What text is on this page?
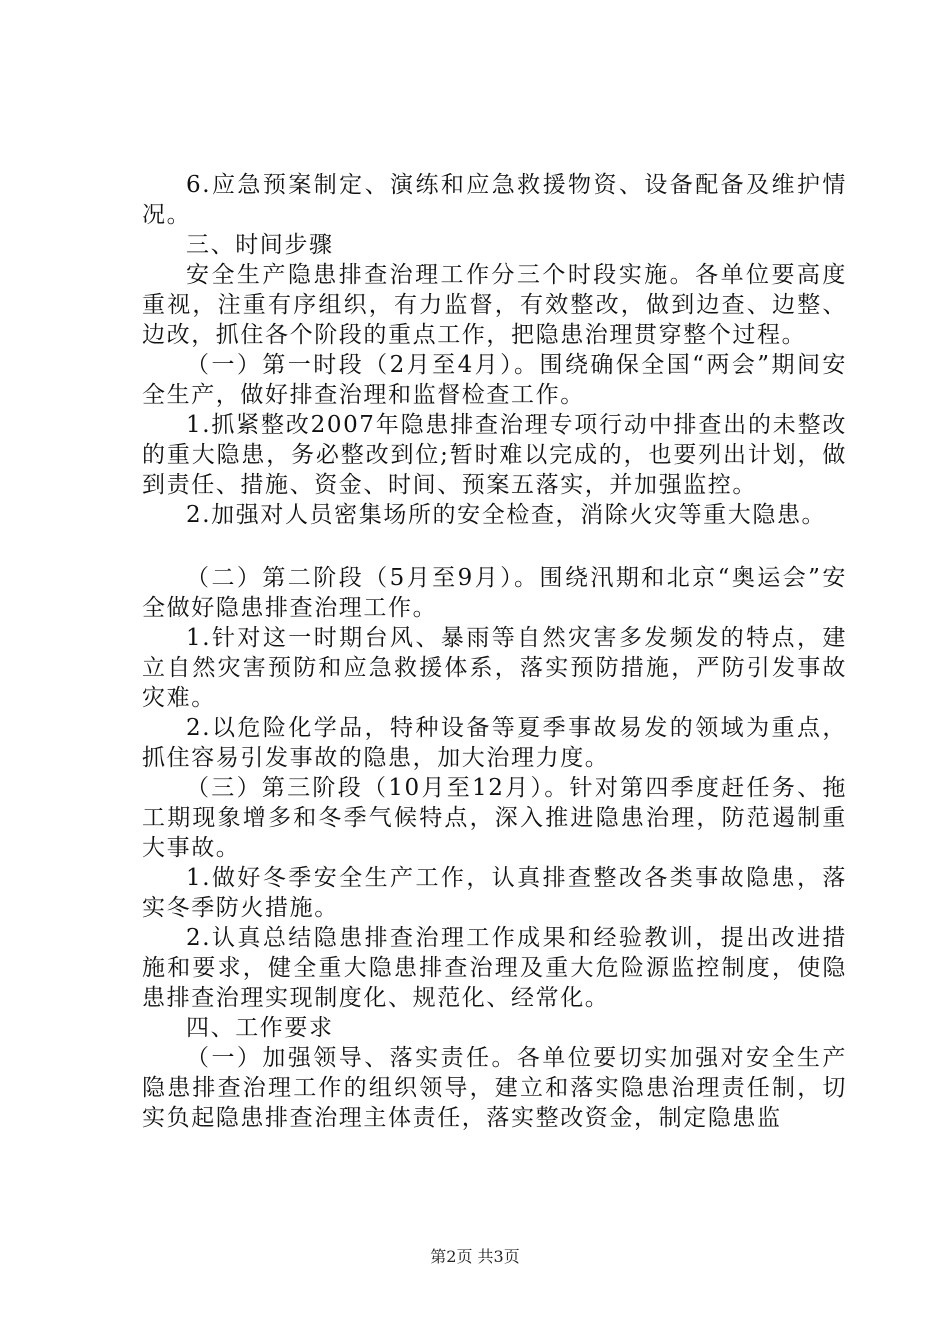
6.应急预案制定、演练和应急救援物资、设备配备及维护情况。

三、时间步骤

安全生产隐患排查治理工作分三个时段实施。各单位要高度重视，注重有序组织，有力监督，有效整改，做到边查、边整、边改，抓住各个阶段的重点工作，把隐患治理贯穿整个过程。

（一）第一时段（2月至4月）。围绕确保全国“两会”期间安全生产，做好排查治理和监督检查工作。

1.抓紧整改2007年隐患排查治理专项行动中排查出的未整改的重大隐患，务必整改到位;暂时难以完成的，也要列出计划，做到责任、措施、资金、时间、预案五落实，并加强监控。

2.加强对人员密集场所的安全检查，消除火灾等重大隐患。

（二）第二阶段（5月至9月）。围绕汛期和北京“奥运会”安全做好隐患排查治理工作。

1.针对这一时期台风、暴雨等自然灾害多发频发的特点，建立自然灾害预防和应急救援体系，落实预防措施，严防引发事故灾难。

2.以危险化学品，特种设备等夏季事故易发的领域为重点，抓住容易引发事故的隐患，加大治理力度。

（三）第三阶段（10月至12月）。针对第四季度赶任务、拖工期现象增多和冬季气候特点，深入推进隐患治理，防范遏制重大事故。

1.做好冬季安全生产工作，认真排查整改各类事故隐患，落实冬季防火措施。

2.认真总结隐患排查治理工作成果和经验教训，提出改进措施和要求，健全重大隐患排查治理及重大危险源监控制度，使隐患排查治理实现制度化、规范化、经常化。

四、工作要求

（一）加强领导、落实责任。各单位要切实加强对安全生产隐患排查治理工作的组织领导，建立和落实隐患治理责任制，切实负起隐患排查治理主体责任，落实整改资金，制定隐患监

第2页 共3页
